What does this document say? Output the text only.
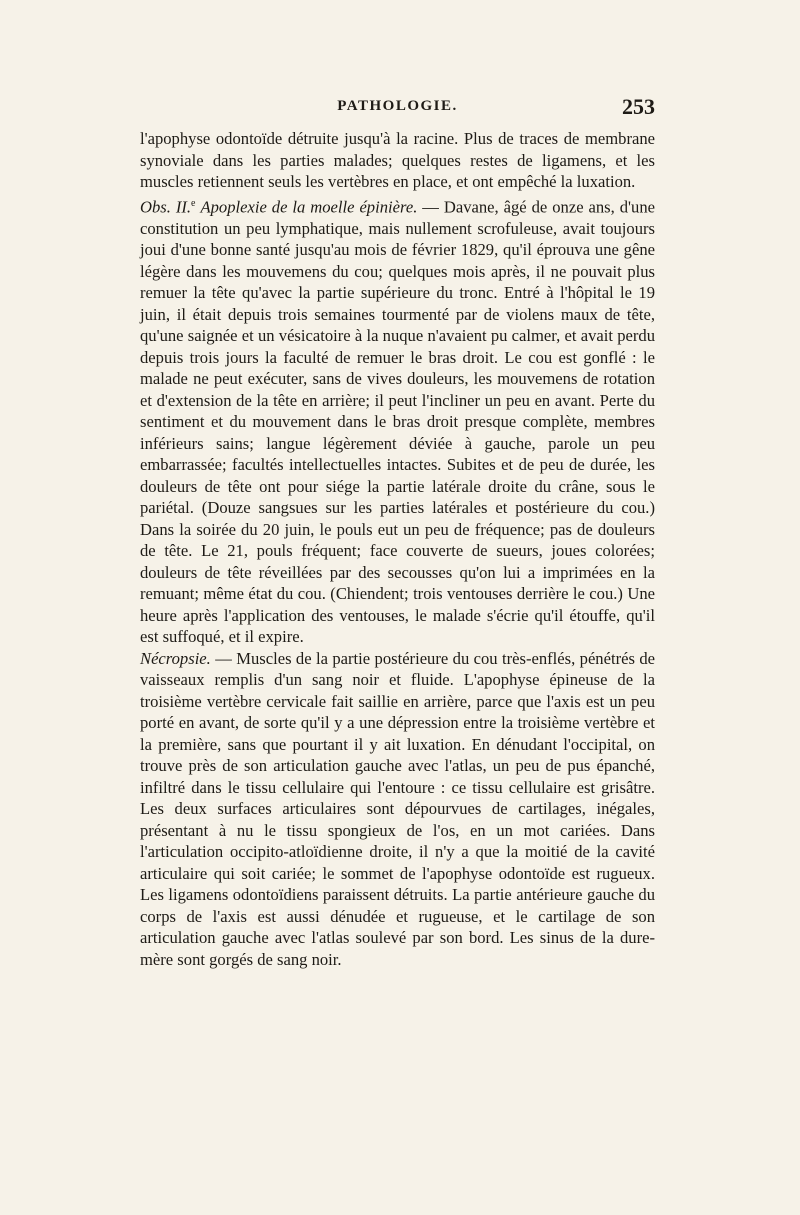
PATHOLOGIE.	253

l'apophyse odontoïde détruite jusqu'à la racine. Plus de traces de membrane synoviale dans les parties malades; quelques restes de ligamens, et les muscles retiennent seuls les vertèbres en place, et ont empêché la luxation.

Obs. II.$^e$ Apoplexie de la moelle épinière. — Davane, âgé de onze ans, d'une constitution un peu lymphatique, mais nullement scrofuleuse, avait toujours joui d'une bonne santé jusqu'au mois de février 1829, qu'il éprouva une gêne légère dans les mouvemens du cou; quelques mois après, il ne pouvait plus remuer la tête qu'avec la partie supérieure du tronc. Entré à l'hôpital le 19 juin, il était depuis trois semaines tourmenté par de violens maux de tête, qu'une saignée et un vésicatoire à la nuque n'avaient pu calmer, et avait perdu depuis trois jours la faculté de remuer le bras droit. Le cou est gonflé : le malade ne peut exécuter, sans de vives douleurs, les mouvemens de rotation et d'extension de la tête en arrière; il peut l'incliner un peu en avant. Perte du sentiment et du mouvement dans le bras droit presque complète, membres inférieurs sains; langue légèrement déviée à gauche, parole un peu embarrassée; facultés intellectuelles intactes. Subites et de peu de durée, les douleurs de tête ont pour siége la partie latérale droite du crâne, sous le pariétal. (Douze sangsues sur les parties latérales et postérieure du cou.) Dans la soirée du 20 juin, le pouls eut un peu de fréquence; pas de douleurs de tête. Le 21, pouls fréquent; face couverte de sueurs, joues colorées; douleurs de tête réveillées par des secousses qu'on lui a imprimées en la remuant; même état du cou. (Chiendent; trois ventouses derrière le cou.) Une heure après l'application des ventouses, le malade s'écrie qu'il étouffe, qu'il est suffoqué, et il expire.

Nécropsie. — Muscles de la partie postérieure du cou très-enflés, pénétrés de vaisseaux remplis d'un sang noir et fluide. L'apophyse épineuse de la troisième vertèbre cervicale fait saillie en arrière, parce que l'axis est un peu porté en avant, de sorte qu'il y a une dépression entre la troisième vertèbre et la première, sans que pourtant il y ait luxation. En dénudant l'occipital, on trouve près de son articulation gauche avec l'atlas, un peu de pus épanché, infiltré dans le tissu cellulaire qui l'entoure : ce tissu cellulaire est grisâtre. Les deux surfaces articulaires sont dépourvues de cartilages, inégales, présentant à nu le tissu spongieux de l'os, en un mot cariées. Dans l'articulation occipito-atloïdienne droite, il n'y a que la moitié de la cavité articulaire qui soit cariée; le sommet de l'apophyse odontoïde est rugueux. Les ligamens odontoïdiens paraissent détruits. La partie antérieure gauche du corps de l'axis est aussi dénudée et rugueuse, et le cartilage de son articulation gauche avec l'atlas soulevé par son bord. Les sinus de la dure-mère sont gorgés de sang noir.
